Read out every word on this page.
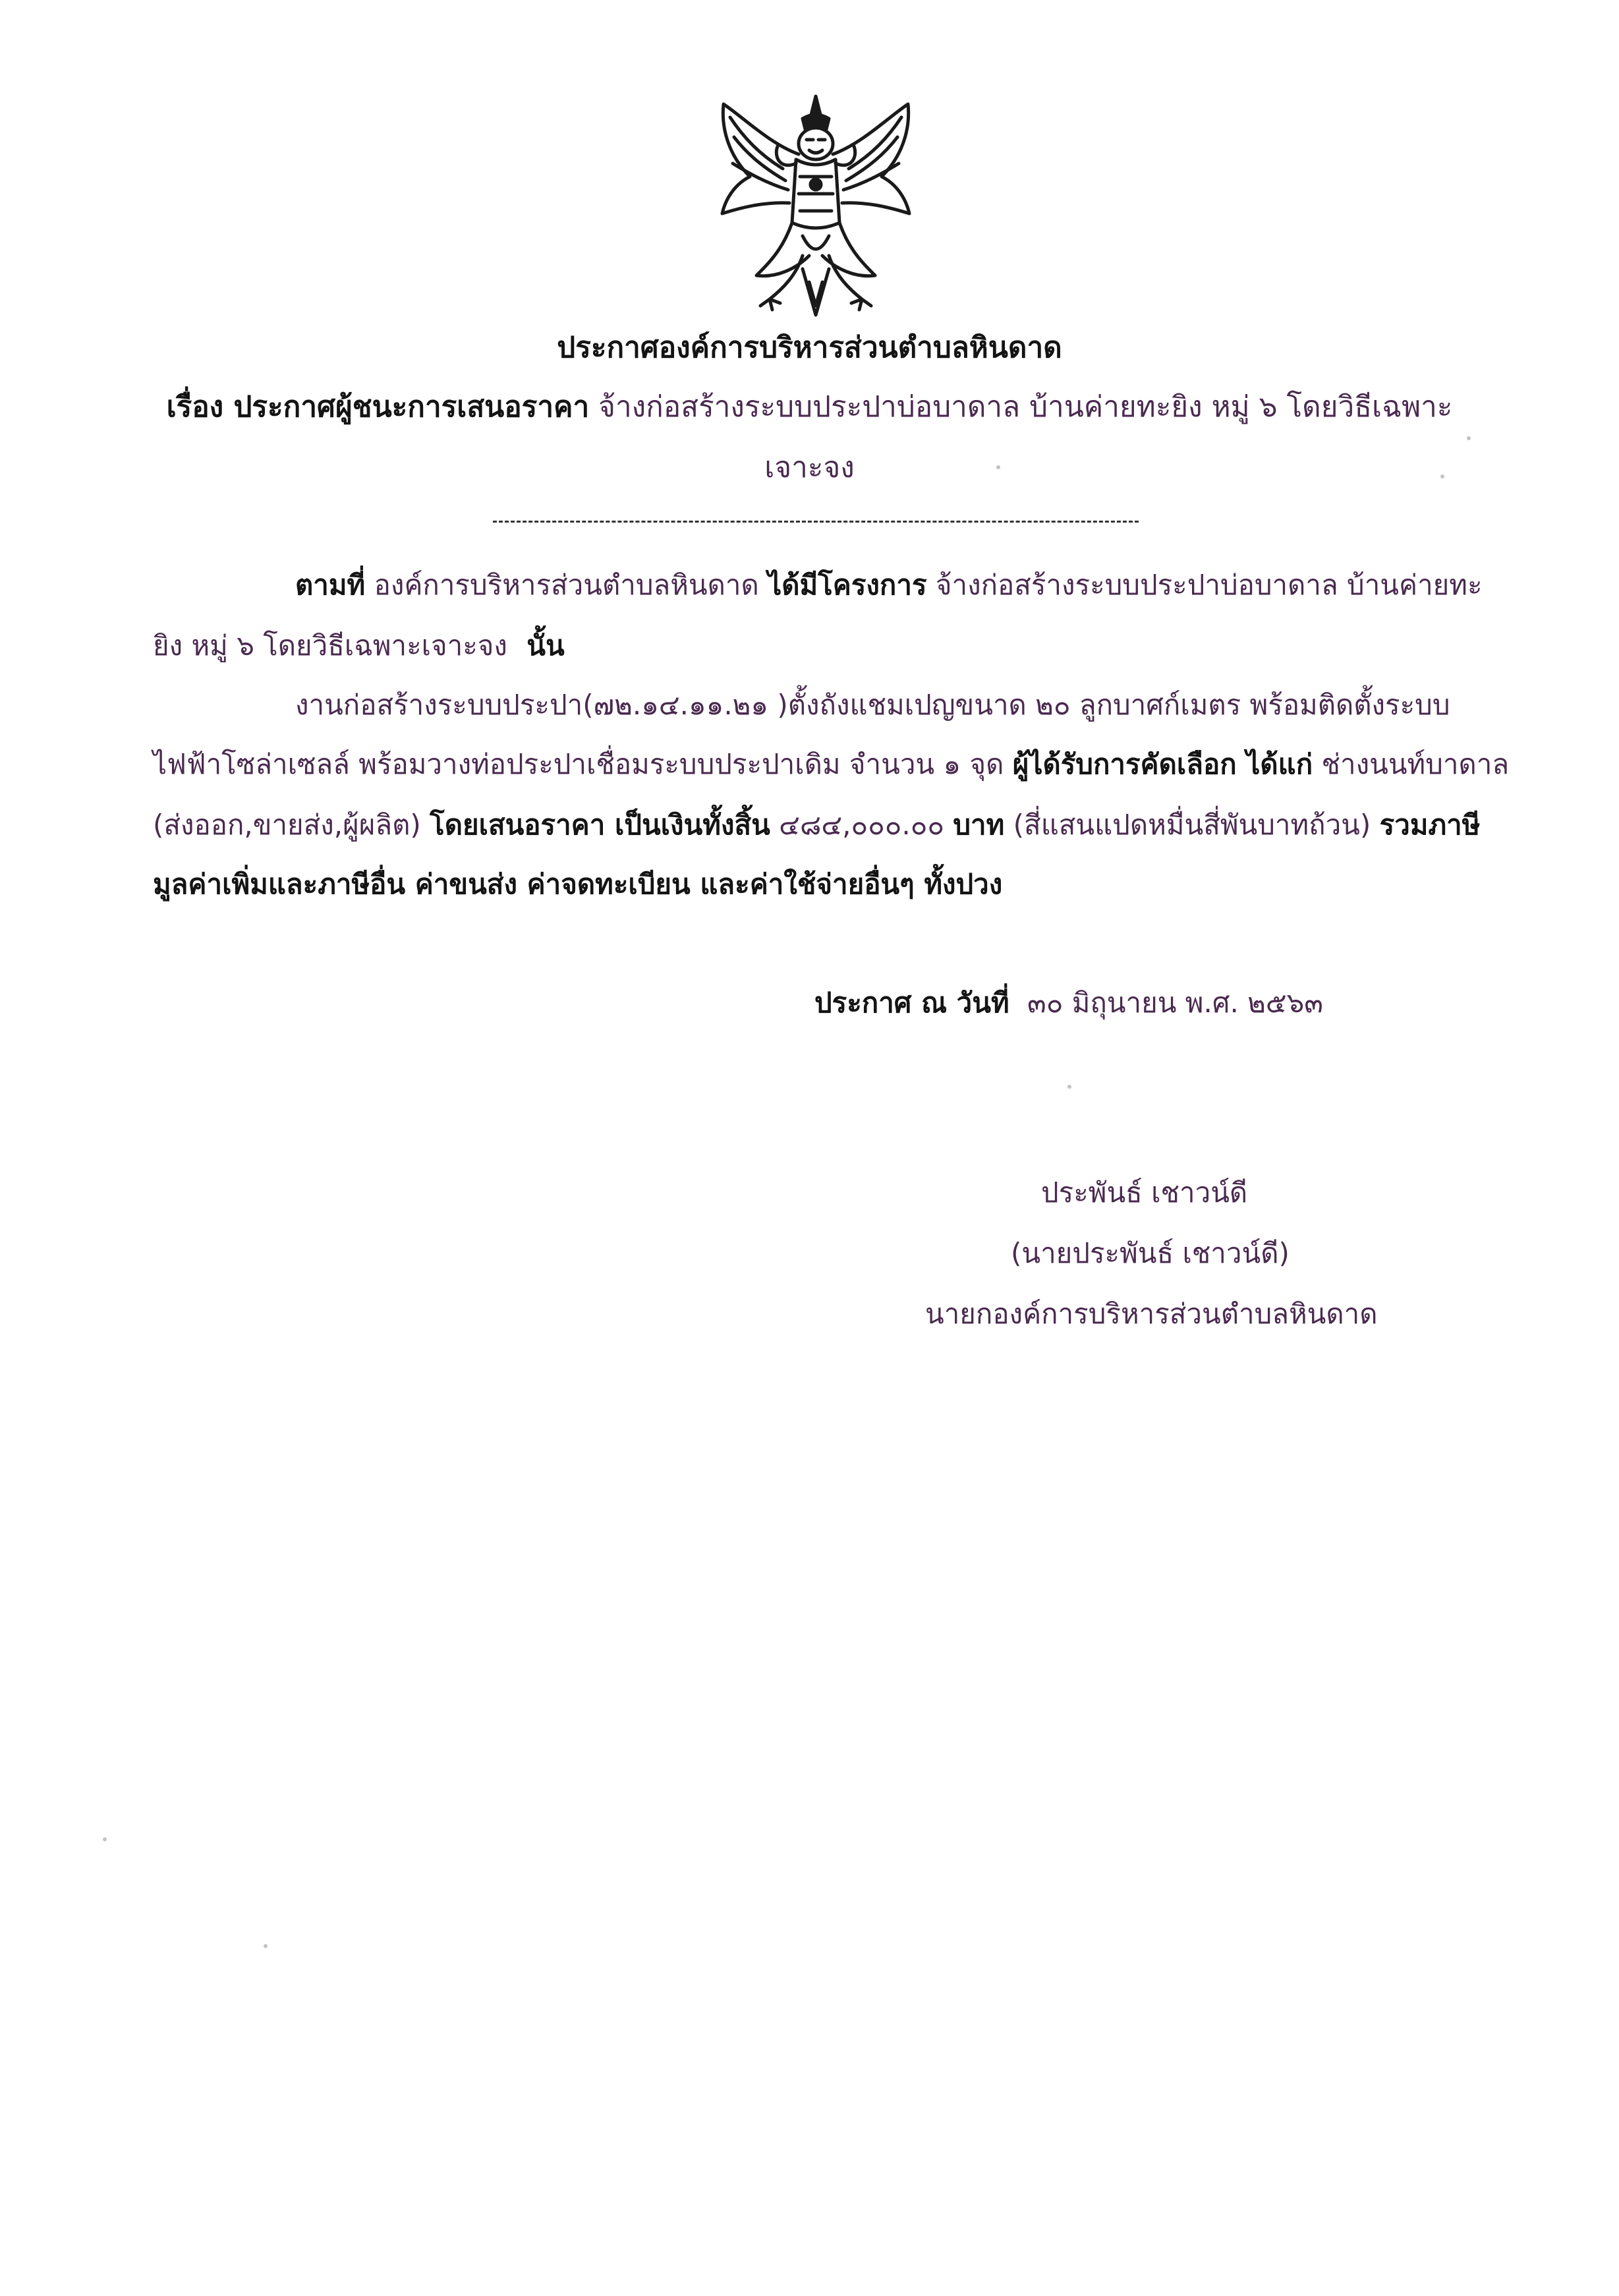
ประกาศองค์การบริหารส่วนตำบลหินดาด
เรื่อง ประกาศผู้ชนะการเสนอราคา จ้างก่อสร้างระบบประปาบ่อบาดาล บ้านค่ายทะยิง หมู่ ๖ โดยวิธีเฉพาะ
เจาะจง
ตามที่ องค์การบริหารส่วนตำบลหินดาด ได้มีโครงการ จ้างก่อสร้างระบบประปาบ่อบาดาล บ้านค่ายทะ
ยิง หมู่ ๖ โดยวิธีเฉพาะเจาะจง นั้น
งานก่อสร้างระบบประปา(๗๒.๑๔.๑๑.๒๑ )ตั้งถังแชมเปญขนาด ๒๐ ลูกบาศก์เมตร พร้อมติดตั้งระบบ
ไฟฟ้าโซล่าเซลล์ พร้อมวางท่อประปาเชื่อมระบบประปาเดิม จำนวน ๑ จุด ผู้ได้รับการคัดเลือก ได้แก่ ช่างนนท์บาดาล
(ส่งออก,ขายส่ง,ผู้ผลิต) โดยเสนอราคา เป็นเงินทั้งสิ้น ๔๘๔,๐๐๐.๐๐ บาท (สี่แสนแปดหมื่นสี่พันบาทถ้วน) รวมภาษี
มูลค่าเพิ่มและภาษีอื่น ค่าขนส่ง ค่าจดทะเบียน และค่าใช้จ่ายอื่นๆ ทั้งปวง
ประกาศ ณ วันที่ ๓๐ มิถุนายน พ.ศ. ๒๕๖๓
ประพันธ์ เชาวน์ดี
(นายประพันธ์ เชาวน์ดี)
นายกองค์การบริหารส่วนตำบลหินดาด
